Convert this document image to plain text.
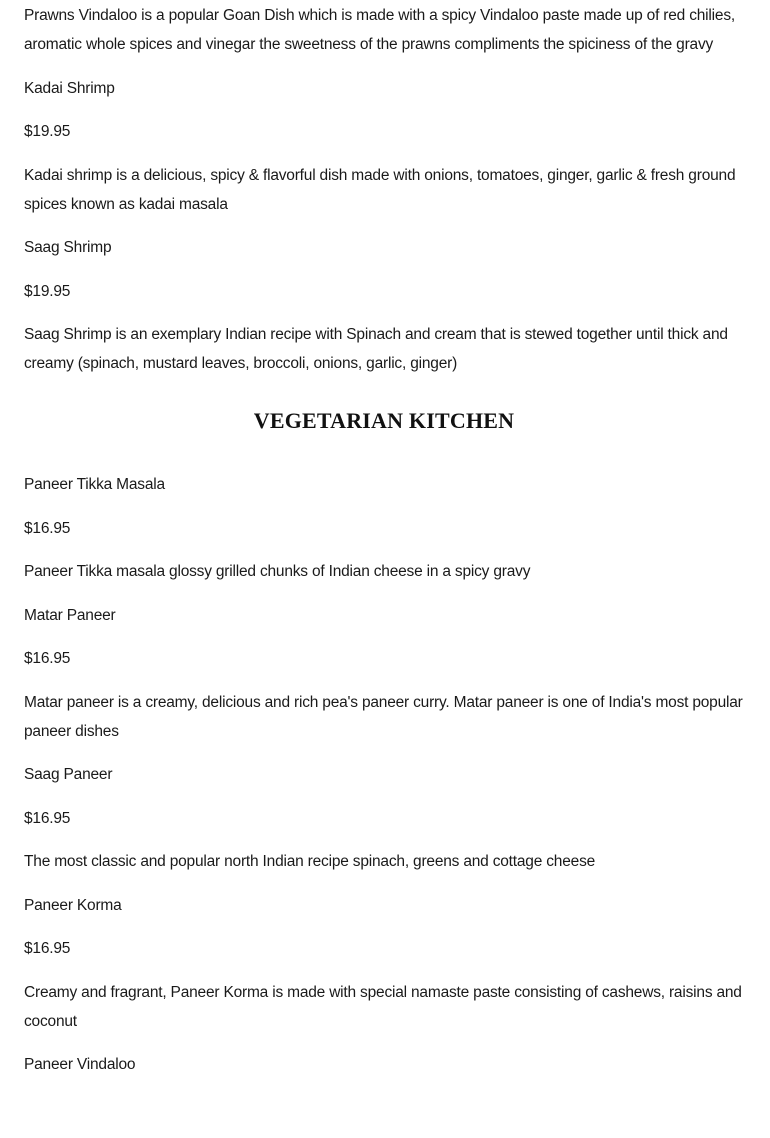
Prawns Vindaloo is a popular Goan Dish which is made with a spicy Vindaloo paste made up of red chilies, aromatic whole spices and vinegar the sweetness of the prawns compliments the spiciness of the gravy

Kadai Shrimp

$19.95

Kadai shrimp is a delicious, spicy & flavorful dish made with onions, tomatoes, ginger, garlic & fresh ground spices known as kadai masala

Saag Shrimp

$19.95

Saag Shrimp is an exemplary Indian recipe with Spinach and cream that is stewed together until thick and creamy (spinach, mustard leaves, broccoli, onions, garlic, ginger)

VEGETARIAN KITCHEN

Paneer Tikka Masala

$16.95

Paneer Tikka masala glossy grilled chunks of Indian cheese in a spicy gravy

Matar Paneer

$16.95

Matar paneer is a creamy, delicious and rich pea's paneer curry. Matar paneer is one of India's most popular paneer dishes

Saag Paneer

$16.95

The most classic and popular north Indian recipe spinach, greens and cottage cheese

Paneer Korma

$16.95

Creamy and fragrant, Paneer Korma is made with special namaste paste consisting of cashews, raisins and coconut

Paneer Vindaloo
